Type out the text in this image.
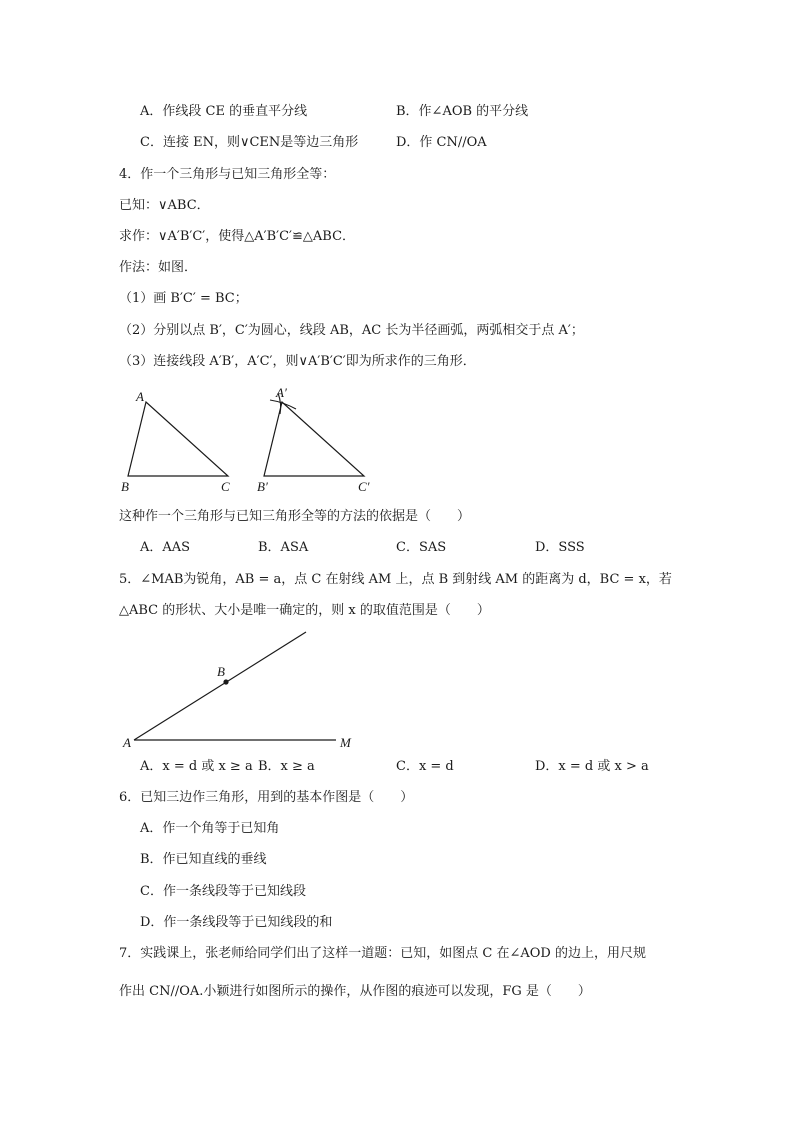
A．作线段 CE 的垂直平分线	B．作∠AOB 的平分线
C．连接 EN，则∨CEN是等边三角形	D．作 CN//OA
4．作一个三角形与已知三角形全等：
已知：∨ABC．
求作：∨A′B′C′，使得△A′B′C′≌△ABC．
作法：如图．
（1）画 B′C′ = BC；
（2）分别以点 B′，C′为圆心，线段 AB，AC 长为半径画弧，两弧相交于点 A′；
（3）连接线段 A′B′，A′C′，则∨A′B′C′即为所求作的三角形．
A
B	C
A′
B′	C′
这种作一个三角形与已知三角形全等的方法的依据是（　　）
A．AAS	B．ASA	C．SAS	D．SSS
5．∠MAB为锐角，AB = a，点 C 在射线 AM 上，点 B 到射线 AM 的距离为 d，BC = x，若
△ABC 的形状、大小是唯一确定的，则 x 的取值范围是（　　）
A
B
M
A．x = d 或 x ≥ a B．x ≥ a	C．x = d	D．x = d 或 x > a
6．已知三边作三角形，用到的基本作图是（　　）
A．作一个角等于已知角
B．作已知直线的垂线
C．作一条线段等于已知线段
D．作一条线段等于已知线段的和
7．实践课上，张老师给同学们出了这样一道题：已知，如图点 C 在∠AOD 的边上，用尺规
作出 CN//OA.小颖进行如图所示的操作，从作图的痕迹可以发现，FG 是（　　）
